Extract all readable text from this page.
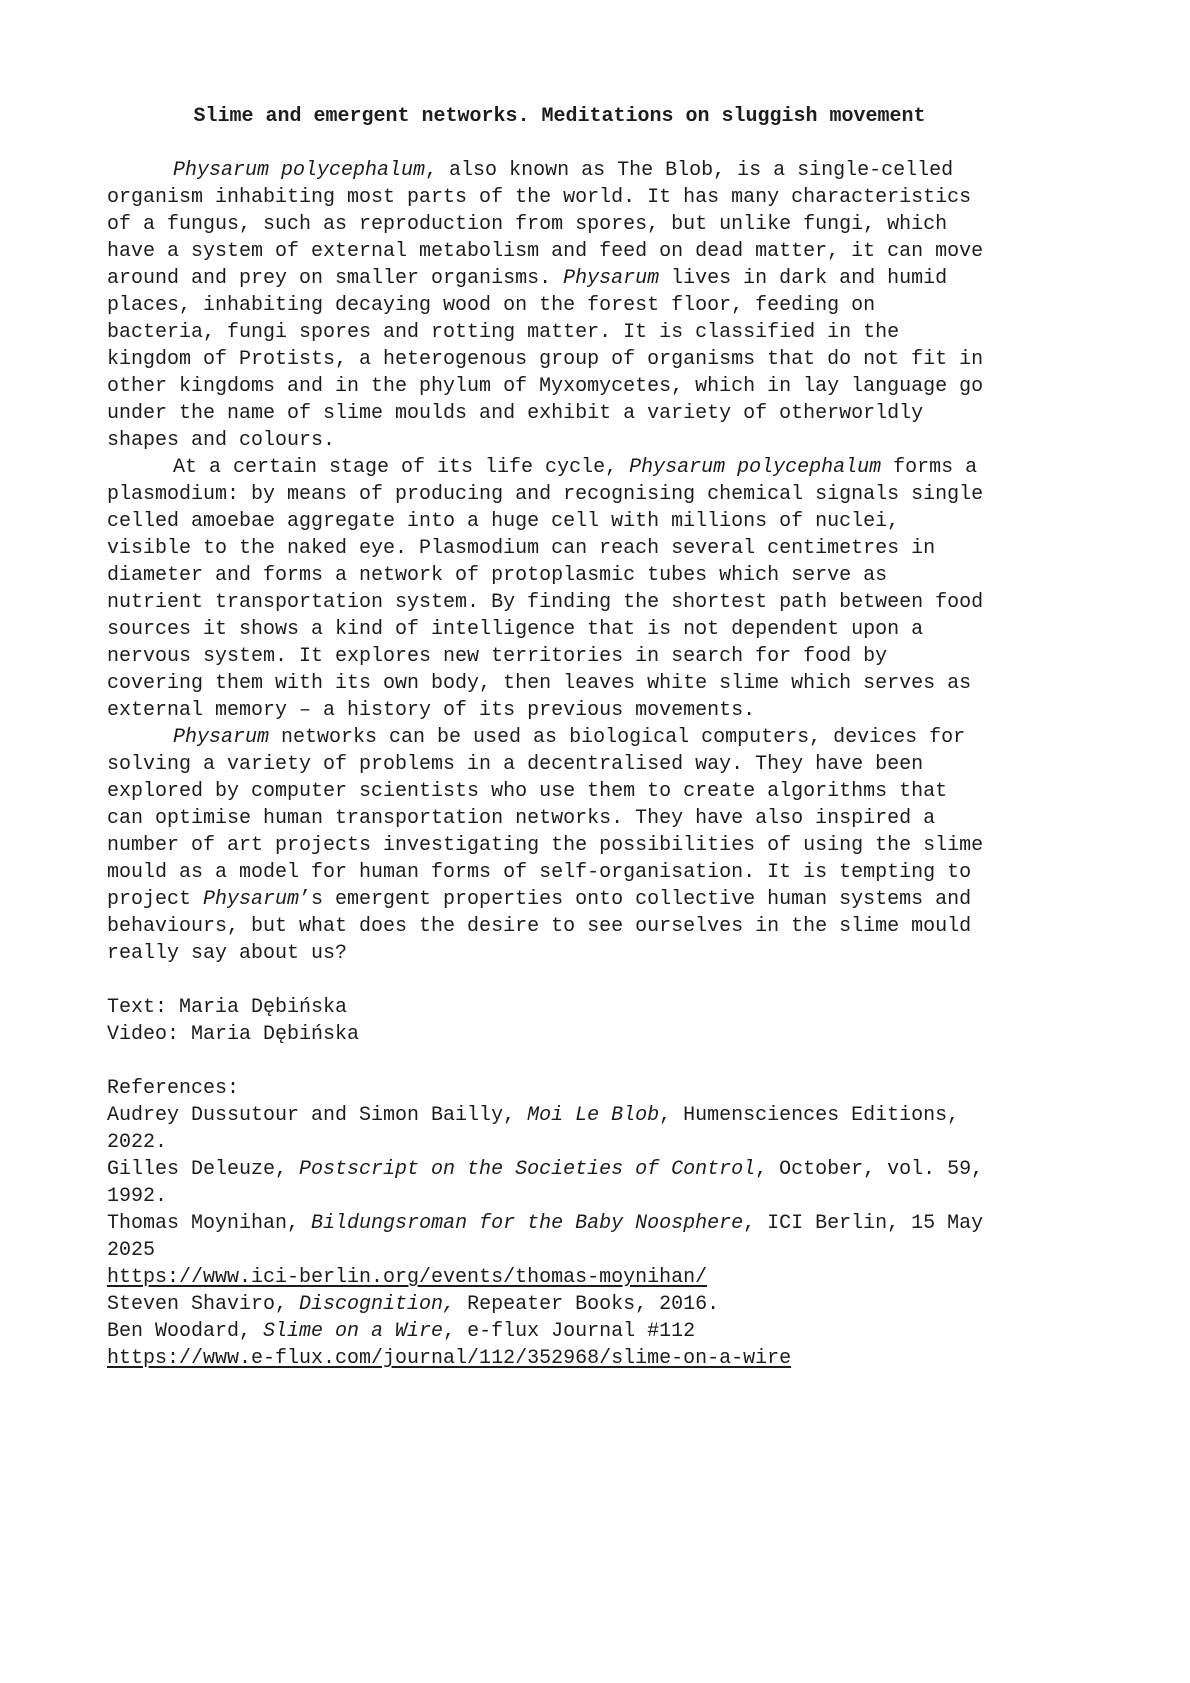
Slime and emergent networks. Meditations on sluggish movement
Physarum polycephalum, also known as The Blob, is a single-celled
organism inhabiting most parts of the world. It has many characteristics
of a fungus, such as reproduction from spores, but unlike fungi, which
have a system of external metabolism and feed on dead matter, it can move
around and prey on smaller organisms. Physarum lives in dark and humid
places, inhabiting decaying wood on the forest floor, feeding on
bacteria, fungi spores and rotting matter. It is classified in the
kingdom of Protists, a heterogenous group of organisms that do not fit in
other kingdoms and in the phylum of Myxomycetes, which in lay language go
under the name of slime moulds and exhibit a variety of otherworldly
shapes and colours.
At a certain stage of its life cycle, Physarum polycephalum forms a
plasmodium: by means of producing and recognising chemical signals single
celled amoebae aggregate into a huge cell with millions of nuclei,
visible to the naked eye. Plasmodium can reach several centimetres in
diameter and forms a network of protoplasmic tubes which serve as
nutrient transportation system. By finding the shortest path between food
sources it shows a kind of intelligence that is not dependent upon a
nervous system. It explores new territories in search for food by
covering them with its own body, then leaves white slime which serves as
external memory – a history of its previous movements.
Physarum networks can be used as biological computers, devices for
solving a variety of problems in a decentralised way. They have been
explored by computer scientists who use them to create algorithms that
can optimise human transportation networks. They have also inspired a
number of art projects investigating the possibilities of using the slime
mould as a model for human forms of self-organisation. It is tempting to
project Physarum’s emergent properties onto collective human systems and
behaviours, but what does the desire to see ourselves in the slime mould
really say about us?
Text: Maria Dębińska
Video: Maria Dębińska
References:
Audrey Dussutour and Simon Bailly, Moi Le Blob, Humensciences Editions,
2022.
Gilles Deleuze, Postscript on the Societies of Control, October, vol. 59,
1992.
Thomas Moynihan, Bildungsroman for the Baby Noosphere, ICI Berlin, 15 May
2025
https://www.ici-berlin.org/events/thomas-moynihan/
Steven Shaviro, Discognition, Repeater Books, 2016.
Ben Woodard, Slime on a Wire, e-flux Journal #112
https://www.e-flux.com/journal/112/352968/slime-on-a-wire
